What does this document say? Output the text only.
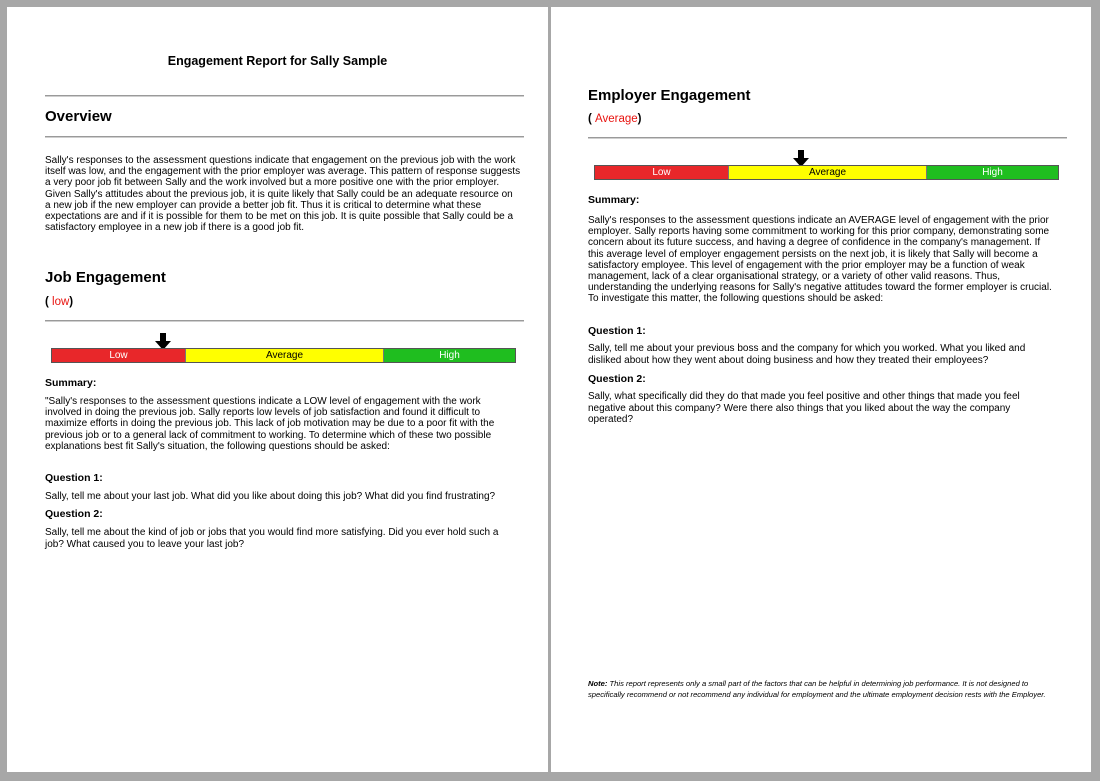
Engagement Report for Sally Sample
Overview

Sally's responses to the assessment questions indicate that engagement on the previous job with the work itself was low, and the engagement with the prior employer was average. This pattern of response suggests a very poor job fit between Sally and the work involved but a more positive one with the prior employer. Given Sally's attitudes about the previous job, it is quite likely that Sally could be an adequate resource on a new job if the new employer can provide a better job fit. Thus it is critical to determine what these expectations are and if it is possible for them to be met on this job. It is quite possible that Sally could be a satisfactory employee in a new job if there is a good job fit.

Job Engagement
( low)
Low	Average	High
Summary:

"Sally's responses to the assessment questions indicate a LOW level of engagement with the work involved in doing the previous job. Sally reports low levels of job satisfaction and found it difficult to maximize efforts in doing the previous job. This lack of job motivation may be due to a poor fit with the previous job or to a general lack of commitment to working. To determine which of these two possible explanations best fit Sally's situation, the following questions should be asked:

Question 1:

Sally, tell me about your last job. What did you like about doing this job? What did you find frustrating?

Question 2:

Sally, tell me about the kind of job or jobs that you would find more satisfying. Did you ever hold such a job? What caused you to leave your last job?

Employer Engagement
( Average)
Low	Average	High
Summary:

Sally's responses to the assessment questions indicate an AVERAGE level of engagement with the prior employer. Sally reports having some commitment to working for this prior company, demonstrating some concern about its future success, and having a degree of confidence in the company's management. If this average level of employer engagement persists on the next job, it is likely that Sally will become a satisfactory employee. This level of engagement with the prior employer may be a function of weak management, lack of a clear organisational strategy, or a variety of other valid reasons. Thus, understanding the underlying reasons for Sally's negative attitudes toward the former employer is crucial. To investigate this matter, the following questions should be asked:

Question 1:

Sally, tell me about your previous boss and the company for which you worked. What you liked and disliked about how they went about doing business and how they treated their employees?

Question 2:

Sally, what specifically did they do that made you feel positive and other things that made you feel negative about this company? Were there also things that you liked about the way the company operated?

Note: This report represents only a small part of the factors that can be helpful in determining job performance. It is not designed to specifically recommend or not recommend any individual for employment and the ultimate employment decision rests with the Employer.
